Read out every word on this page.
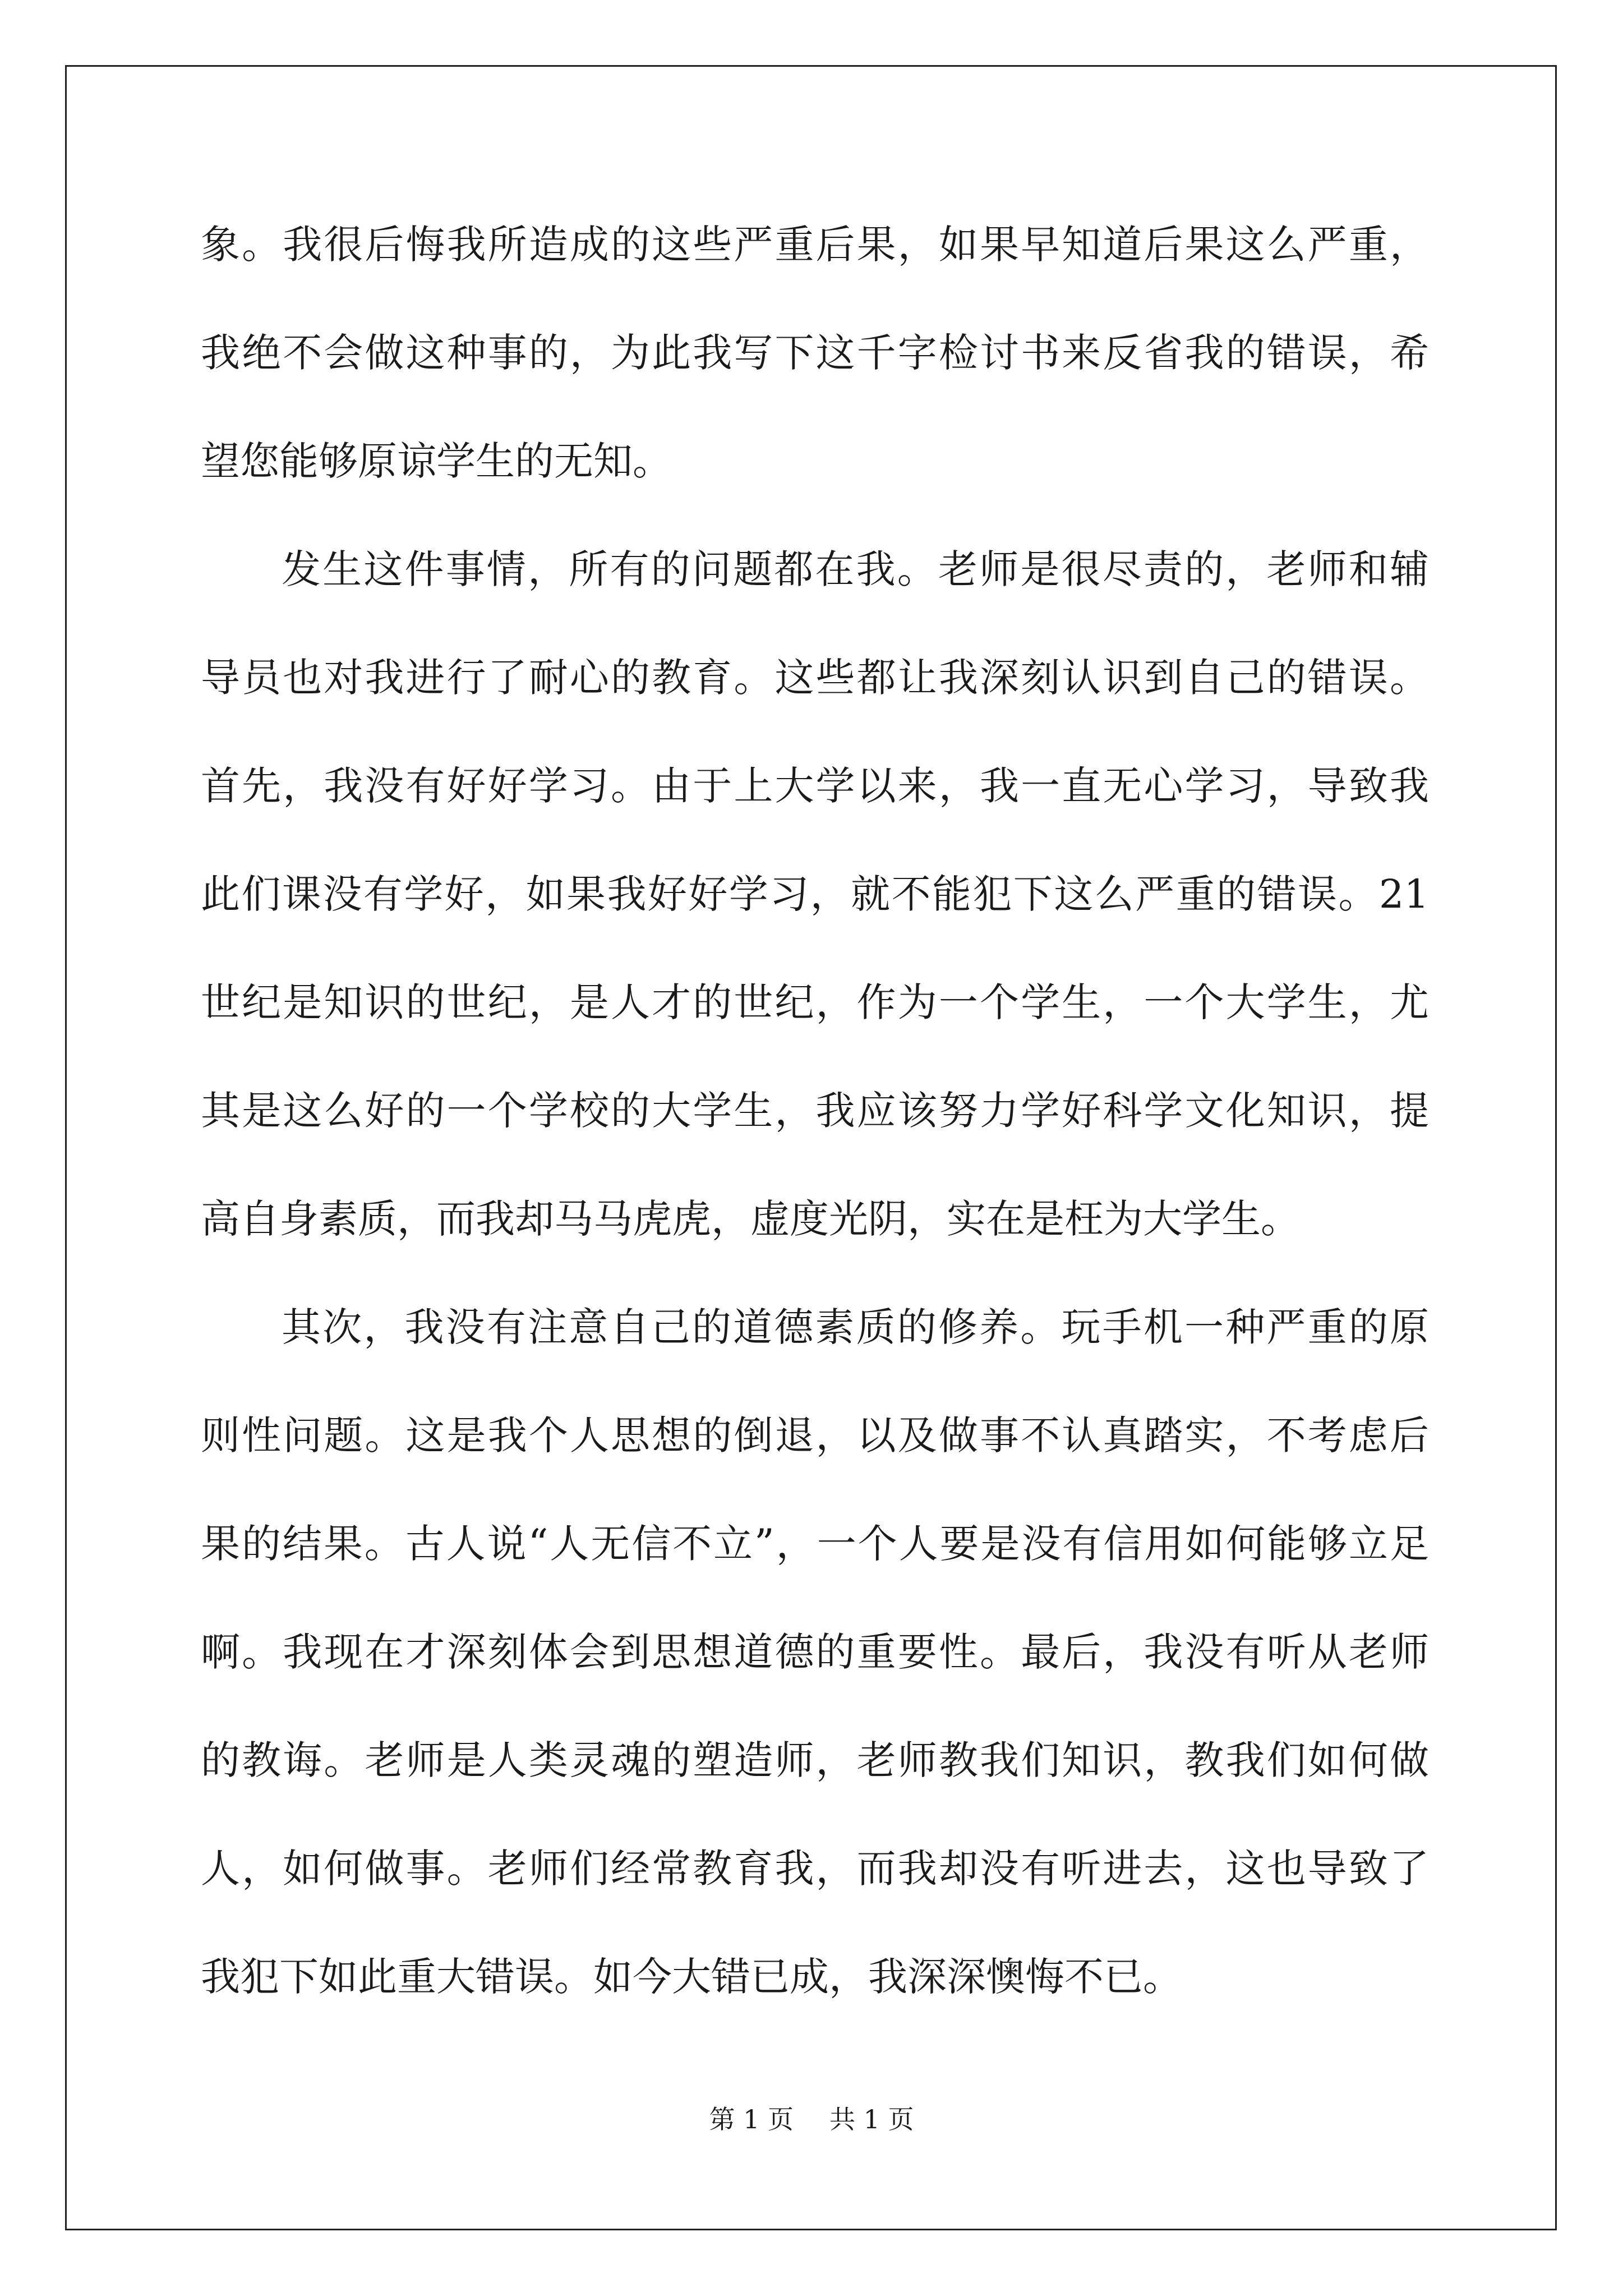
象。我很后悔我所造成的这些严重后果，如果早知道后果这么严重，
我绝不会做这种事的，为此我写下这千字检讨书来反省我的错误，希
望您能够原谅学生的无知。
发生这件事情，所有的问题都在我。老师是很尽责的，老师和辅
导员也对我进行了耐心的教育。这些都让我深刻认识到自己的错误。
首先，我没有好好学习。由于上大学以来，我一直无心学习，导致我
此们课没有学好，如果我好好学习，就不能犯下这么严重的错误。21
世纪是知识的世纪，是人才的世纪，作为一个学生，一个大学生，尤
其是这么好的一个学校的大学生，我应该努力学好科学文化知识，提
高自身素质，而我却马马虎虎，虚度光阴，实在是枉为大学生。
其次，我没有注意自己的道德素质的修养。玩手机一种严重的原
则性问题。这是我个人思想的倒退，以及做事不认真踏实，不考虑后
果的结果。古人说“人无信不立”，一个人要是没有信用如何能够立足
啊。我现在才深刻体会到思想道德的重要性。最后，我没有听从老师
的教诲。老师是人类灵魂的塑造师，老师教我们知识，教我们如何做
人，如何做事。老师们经常教育我，而我却没有听进去，这也导致了
我犯下如此重大错误。如今大错已成，我深深懊悔不已。
第 1 页 共 1 页
